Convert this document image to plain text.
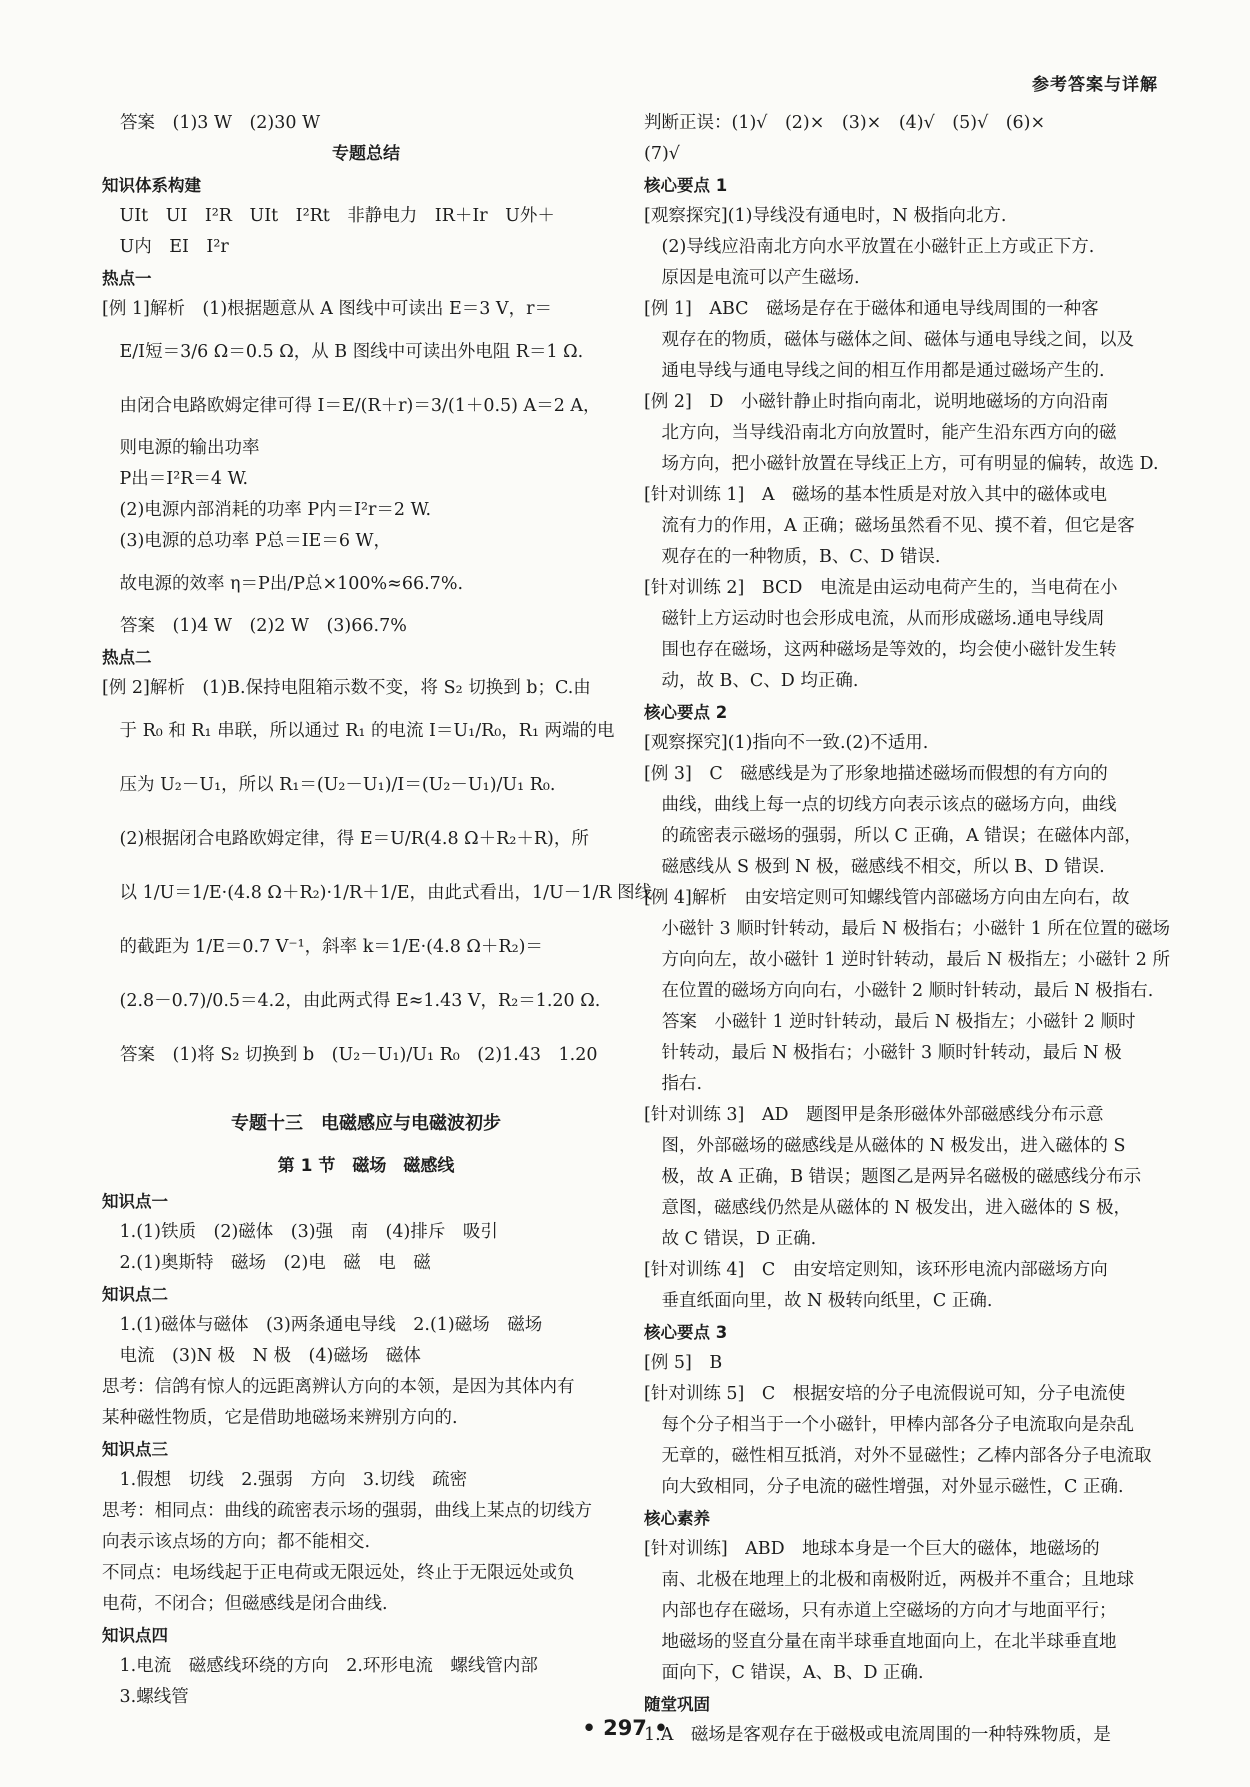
参考答案与详解
答案　(1)3 W　(2)30 W
专题总结
知识体系构建
　UIt　UI　I²R　UIt　I²Rt　非静电力　IR＋Ir　U外＋
　U内　EI　I²r
热点一
[例 1]解析　(1)根据题意从 A 图线中可读出 E＝3 V，r＝
　E/I短＝3/6 Ω＝0.5 Ω，从 B 图线中可读出外电阻 R＝1 Ω.
　由闭合电路欧姆定律可得 I＝E/(R＋r)＝3/(1＋0.5) A＝2 A，
　则电源的输出功率
　P出＝I²R＝4 W.
　(2)电源内部消耗的功率 P内＝I²r＝2 W.
　(3)电源的总功率 P总＝IE＝6 W，
　故电源的效率 η＝P出/P总×100%≈66.7%.
答案　(1)4 W　(2)2 W　(3)66.7%
热点二
[例 2]解析　(1)B.保持电阻箱示数不变，将 S₂ 切换到 b；C.由
　于 R₀ 和 R₁ 串联，所以通过 R₁ 的电流 I＝U₁/R₀，R₁ 两端的电
　压为 U₂－U₁，所以 R₁＝(U₂－U₁)/I＝(U₂－U₁)/U₁ R₀.
　(2)根据闭合电路欧姆定律，得 E＝U/R(4.8 Ω＋R₂＋R)，所
　以 1/U＝1/E·(4.8 Ω＋R₂)·1/R＋1/E，由此式看出，1/U－1/R 图线
　的截距为 1/E＝0.7 V⁻¹，斜率 k＝1/E·(4.8 Ω＋R₂)＝
　(2.8－0.7)/0.5＝4.2，由此两式得 E≈1.43 V，R₂＝1.20 Ω.
答案　(1)将 S₂ 切换到 b　(U₂－U₁)/U₁ R₀　(2)1.43　1.20
专题十三　电磁感应与电磁波初步
第 1 节　磁场　磁感线
知识点一
　1.(1)铁质　(2)磁体　(3)强　南　(4)排斥　吸引
　2.(1)奥斯特　磁场　(2)电　磁　电　磁
知识点二
　1.(1)磁体与磁体　(3)两条通电导线　2.(1)磁场　磁场
　电流　(3)N 极　N 极　(4)磁场　磁体
思考：信鸽有惊人的远距离辨认方向的本领，是因为其体内有
某种磁性物质，它是借助地磁场来辨别方向的.
知识点三
　1.假想　切线　2.强弱　方向　3.切线　疏密
思考：相同点：曲线的疏密表示场的强弱，曲线上某点的切线方
向表示该点场的方向；都不能相交.
不同点：电场线起于正电荷或无限远处，终止于无限远处或负
电荷，不闭合；但磁感线是闭合曲线.
知识点四
　1.电流　磁感线环绕的方向　2.环形电流　螺线管内部
　3.螺线管
判断正误：(1)√　(2)×　(3)×　(4)√　(5)√　(6)×
(7)√
核心要点 1
[观察探究](1)导线没有通电时，N 极指向北方.
　(2)导线应沿南北方向水平放置在小磁针正上方或正下方.
　原因是电流可以产生磁场.
[例 1]　ABC　磁场是存在于磁体和通电导线周围的一种客
　观存在的物质，磁体与磁体之间、磁体与通电导线之间，以及
　通电导线与通电导线之间的相互作用都是通过磁场产生的.
[例 2]　D　小磁针静止时指向南北，说明地磁场的方向沿南
　北方向，当导线沿南北方向放置时，能产生沿东西方向的磁
　场方向，把小磁针放置在导线正上方，可有明显的偏转，故选 D.
[针对训练 1]　A　磁场的基本性质是对放入其中的磁体或电
　流有力的作用，A 正确；磁场虽然看不见、摸不着，但它是客
　观存在的一种物质，B、C、D 错误.
[针对训练 2]　BCD　电流是由运动电荷产生的，当电荷在小
　磁针上方运动时也会形成电流，从而形成磁场.通电导线周
　围也存在磁场，这两种磁场是等效的，均会使小磁针发生转
　动，故 B、C、D 均正确.
核心要点 2
[观察探究](1)指向不一致.(2)不适用.
[例 3]　C　磁感线是为了形象地描述磁场而假想的有方向的
　曲线，曲线上每一点的切线方向表示该点的磁场方向，曲线
　的疏密表示磁场的强弱，所以 C 正确，A 错误；在磁体内部，
　磁感线从 S 极到 N 极，磁感线不相交，所以 B、D 错误.
[例 4]解析　由安培定则可知螺线管内部磁场方向由左向右，故
　小磁针 3 顺时针转动，最后 N 极指右；小磁针 1 所在位置的磁场
　方向向左，故小磁针 1 逆时针转动，最后 N 极指左；小磁针 2 所
　在位置的磁场方向向右，小磁针 2 顺时针转动，最后 N 极指右.
答案　小磁针 1 逆时针转动，最后 N 极指左；小磁针 2 顺时
　针转动，最后 N 极指右；小磁针 3 顺时针转动，最后 N 极
　指右.
[针对训练 3]　AD　题图甲是条形磁体外部磁感线分布示意
　图，外部磁场的磁感线是从磁体的 N 极发出，进入磁体的 S
　极，故 A 正确，B 错误；题图乙是两异名磁极的磁感线分布示
　意图，磁感线仍然是从磁体的 N 极发出，进入磁体的 S 极，
　故 C 错误，D 正确.
[针对训练 4]　C　由安培定则知，该环形电流内部磁场方向
　垂直纸面向里，故 N 极转向纸里，C 正确.
核心要点 3
[例 5]　B
[针对训练 5]　C　根据安培的分子电流假说可知，分子电流使
　每个分子相当于一个小磁针，甲棒内部各分子电流取向是杂乱
　无章的，磁性相互抵消，对外不显磁性；乙棒内部各分子电流取
　向大致相同，分子电流的磁性增强，对外显示磁性，C 正确.
核心素养
[针对训练]　ABD　地球本身是一个巨大的磁体，地磁场的
　南、北极在地理上的北极和南极附近，两极并不重合；且地球
　内部也存在磁场，只有赤道上空磁场的方向才与地面平行；
　地磁场的竖直分量在南半球垂直地面向上，在北半球垂直地
　面向下，C 错误，A、B、D 正确.
随堂巩固
1.A　磁场是客观存在于磁极或电流周围的一种特殊物质，是
• 297 •
